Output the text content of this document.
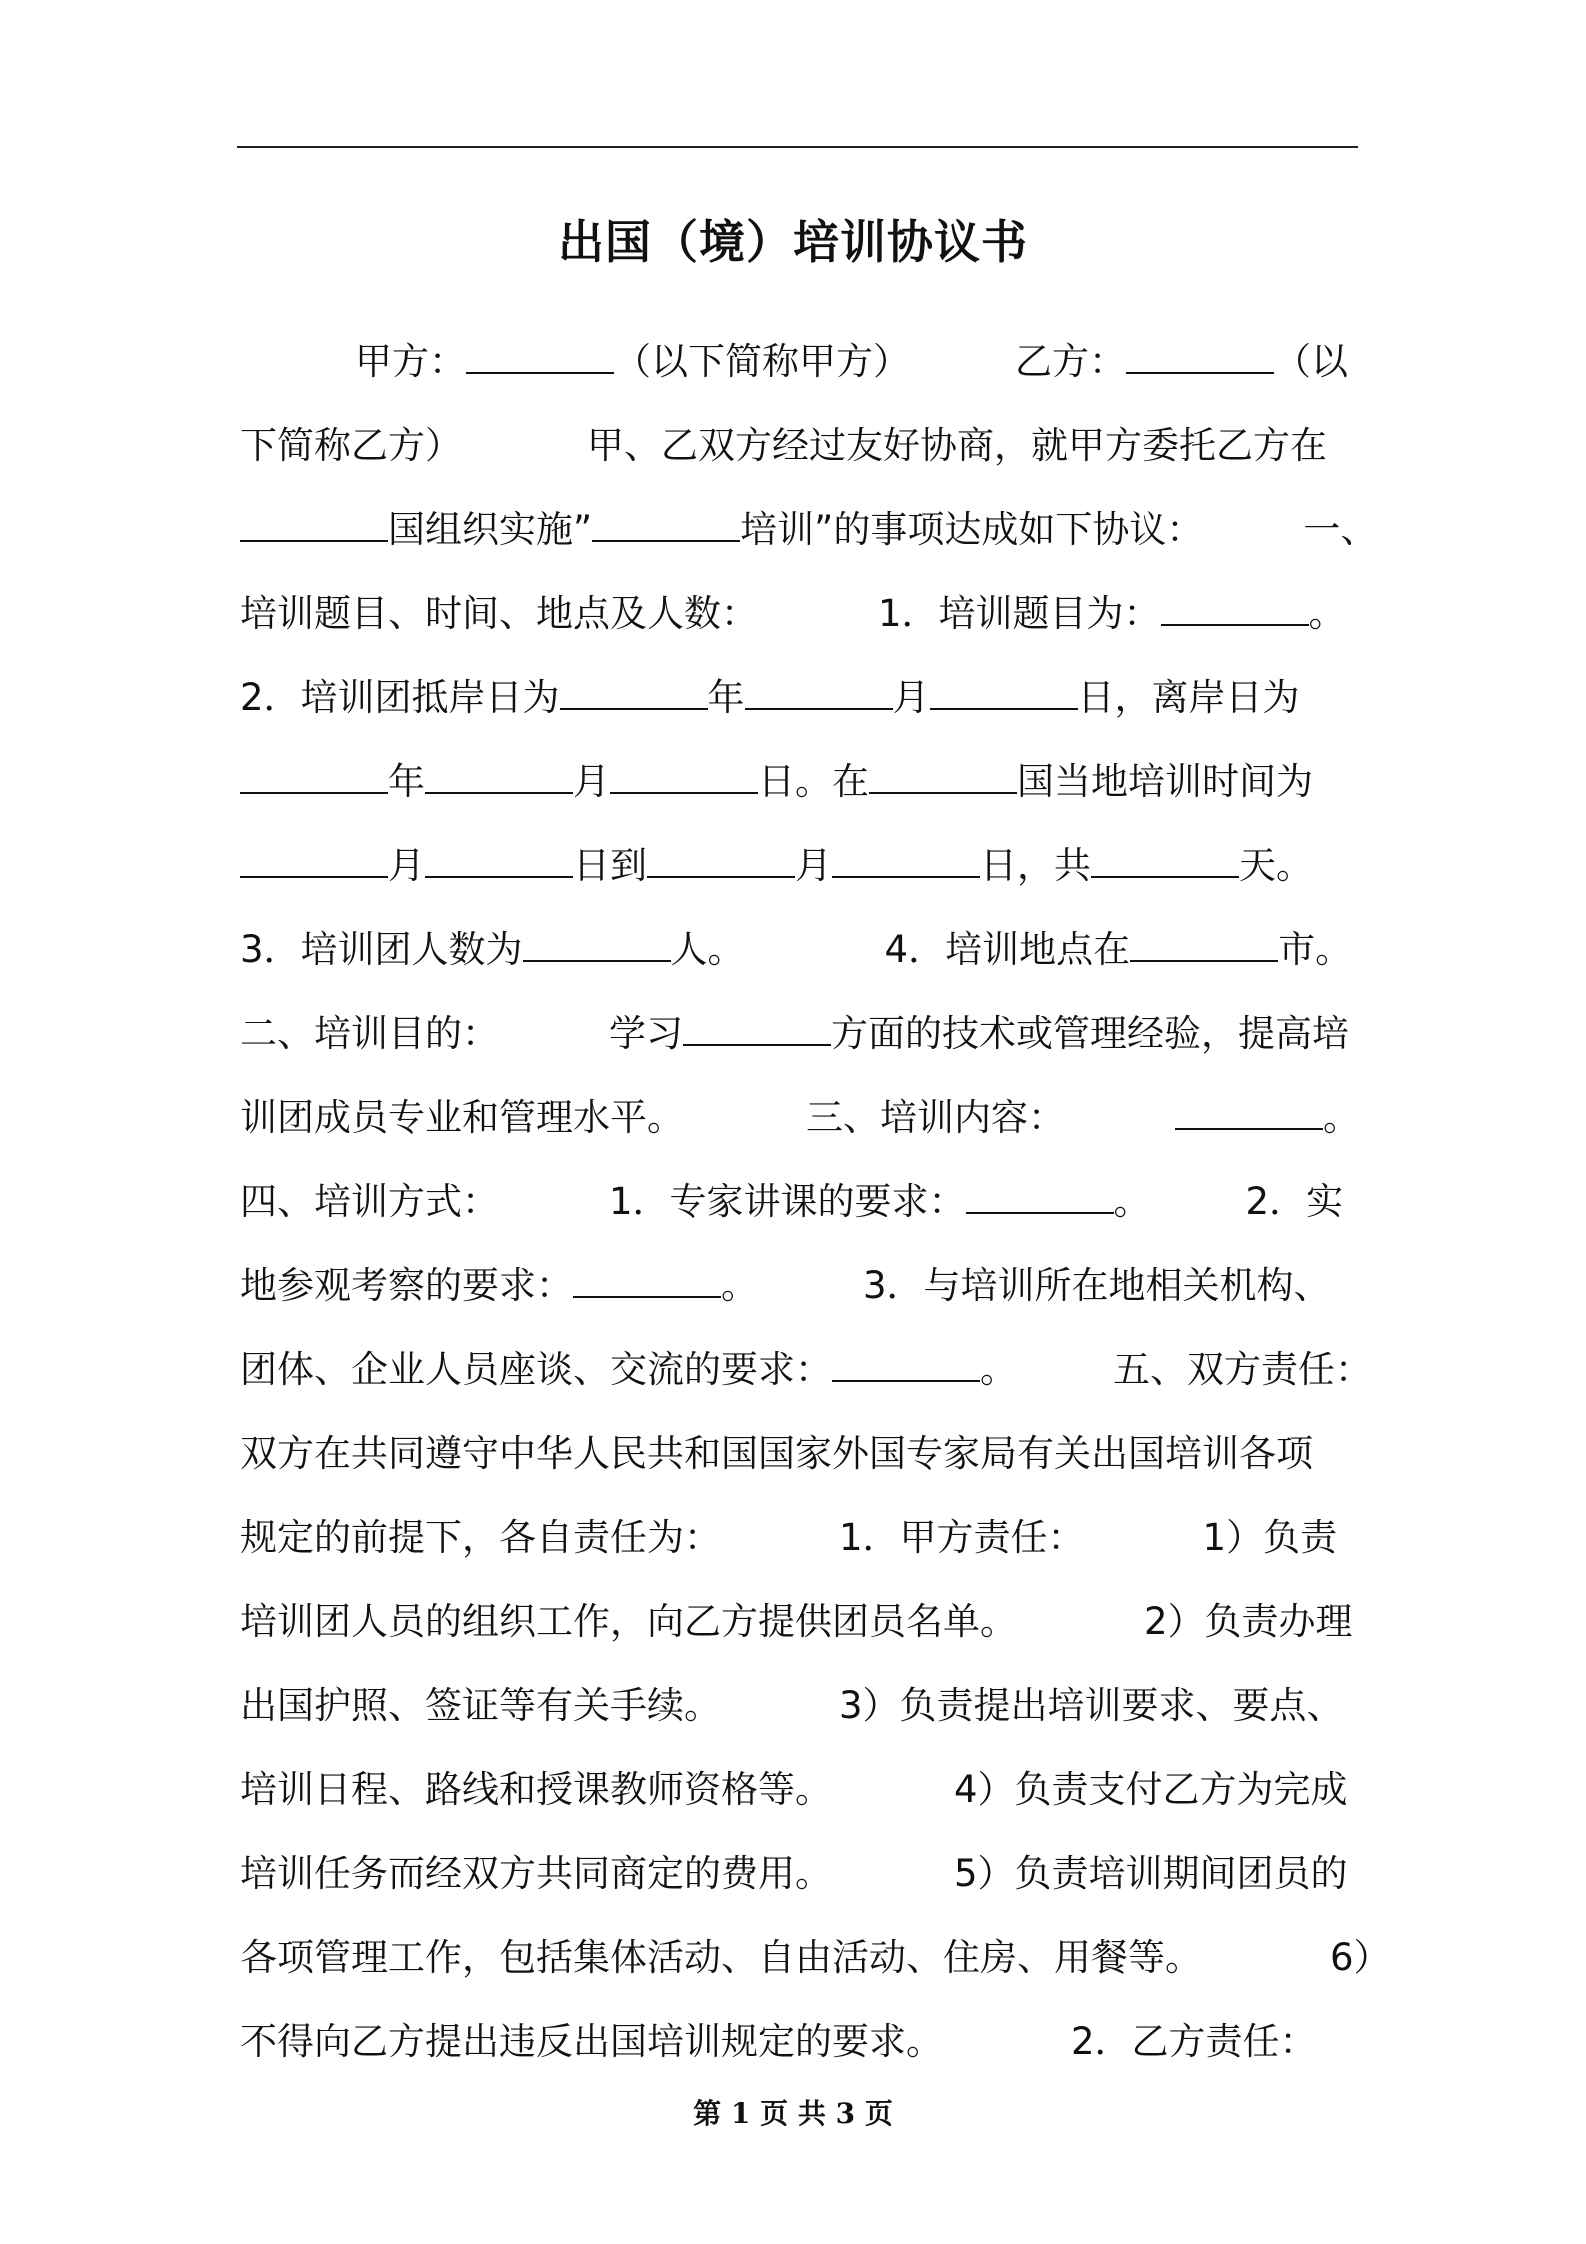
出国（境）培训协议书
甲方：	（以下简称甲方）	乙方：	（以
下简称乙方）	甲、乙双方经过友好协商，就甲方委托乙方在
国组织实施”	培训”的事项达成如下协议：	一、
培训题目、时间、地点及人数：	1．培训题目为：	。
2．培训团抵岸日为	年	月	日，离岸日为
年	月	日。在	国当地培训时间为
月	日到	月	日，共	天。
3．培训团人数为	人。	4．培训地点在	市。
二、培训目的：	学习	方面的技术或管理经验，提高培
训团成员专业和管理水平。	三、培训内容：	。
四、培训方式：	1．专家讲课的要求：	。	2．实
地参观考察的要求：	。	3．与培训所在地相关机构、
团体、企业人员座谈、交流的要求：	。	五、双方责任：
双方在共同遵守中华人民共和国国家外国专家局有关出国培训各项
规定的前提下，各自责任为：	1．甲方责任：	1）负责
培训团人员的组织工作，向乙方提供团员名单。	2）负责办理
出国护照、签证等有关手续。	3）负责提出培训要求、要点、
培训日程、路线和授课教师资格等。	4）负责支付乙方为完成
培训任务而经双方共同商定的费用。	5）负责培训期间团员的
各项管理工作，包括集体活动、自由活动、住房、用餐等。	6）
不得向乙方提出违反出国培训规定的要求。	2．乙方责任：
第 1 页 共 3 页
